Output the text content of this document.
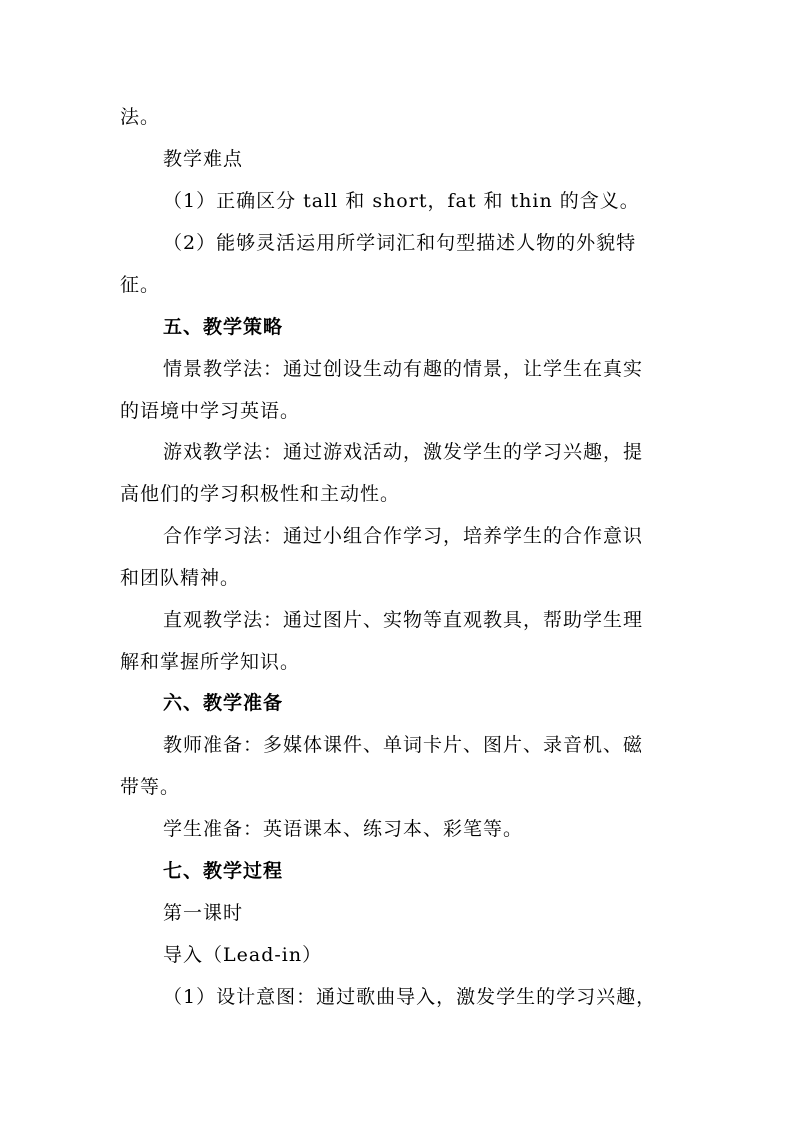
法。
教学难点
（1）正确区分 tall 和 short，fat 和 thin 的含义。
（2）能够灵活运用所学词汇和句型描述人物的外貌特
征。
五、教学策略
情景教学法：通过创设生动有趣的情景，让学生在真实
的语境中学习英语。
游戏教学法：通过游戏活动，激发学生的学习兴趣，提
高他们的学习积极性和主动性。
合作学习法：通过小组合作学习，培养学生的合作意识
和团队精神。
直观教学法：通过图片、实物等直观教具，帮助学生理
解和掌握所学知识。
六、教学准备
教师准备：多媒体课件、单词卡片、图片、录音机、磁
带等。
学生准备：英语课本、练习本、彩笔等。
七、教学过程
第一课时
导入（Lead-in）
（1）设计意图：通过歌曲导入，激发学生的学习兴趣，
